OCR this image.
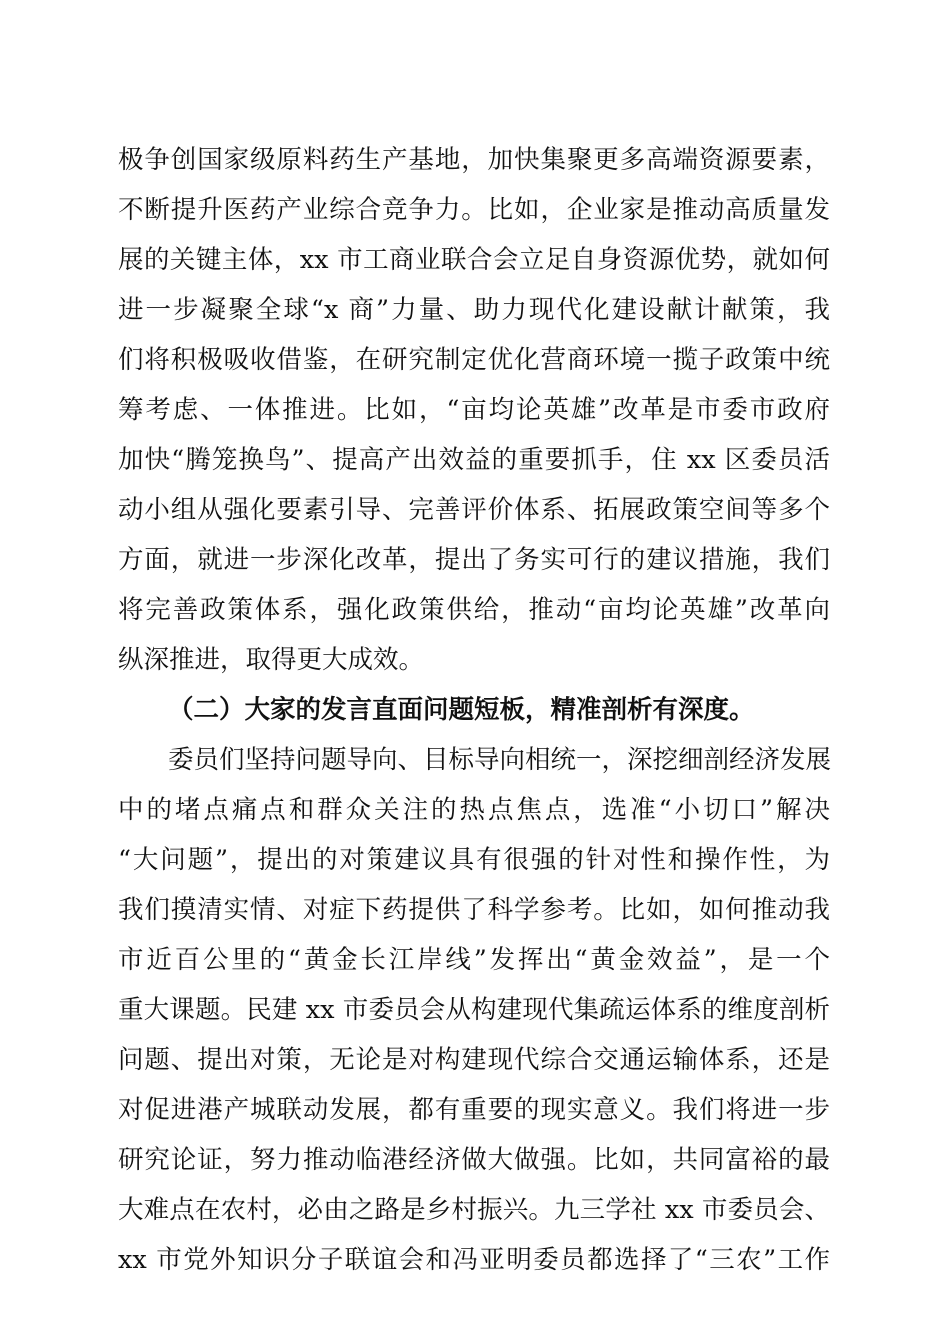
极争创国家级原料药生产基地，加快集聚更多高端资源要素，
不断提升医药产业综合竞争力。比如，企业家是推动高质量发
展的关键主体，xx 市工商业联合会立足自身资源优势，就如何
进一步凝聚全球“x 商”力量、助力现代化建设献计献策，我
们将积极吸收借鉴，在研究制定优化营商环境一揽子政策中统
筹考虑、一体推进。比如，“亩均论英雄”改革是市委市政府
加快“腾笼换鸟”、提高产出效益的重要抓手，住 xx 区委员活
动小组从强化要素引导、完善评价体系、拓展政策空间等多个
方面，就进一步深化改革，提出了务实可行的建议措施，我们
将完善政策体系，强化政策供给，推动“亩均论英雄”改革向
纵深推进，取得更大成效。
（二）大家的发言直面问题短板，精准剖析有深度。
委员们坚持问题导向、目标导向相统一，深挖细剖经济发展
中的堵点痛点和群众关注的热点焦点，选准“小切口”解决
“大问题”，提出的对策建议具有很强的针对性和操作性，为
我们摸清实情、对症下药提供了科学参考。比如，如何推动我
市近百公里的“黄金长江岸线”发挥出“黄金效益”，是一个
重大课题。民建 xx 市委员会从构建现代集疏运体系的维度剖析
问题、提出对策，无论是对构建现代综合交通运输体系，还是
对促进港产城联动发展，都有重要的现实意义。我们将进一步
研究论证，努力推动临港经济做大做强。比如，共同富裕的最
大难点在农村，必由之路是乡村振兴。九三学社 xx 市委员会、
xx 市党外知识分子联谊会和冯亚明委员都选择了“三农”工作
